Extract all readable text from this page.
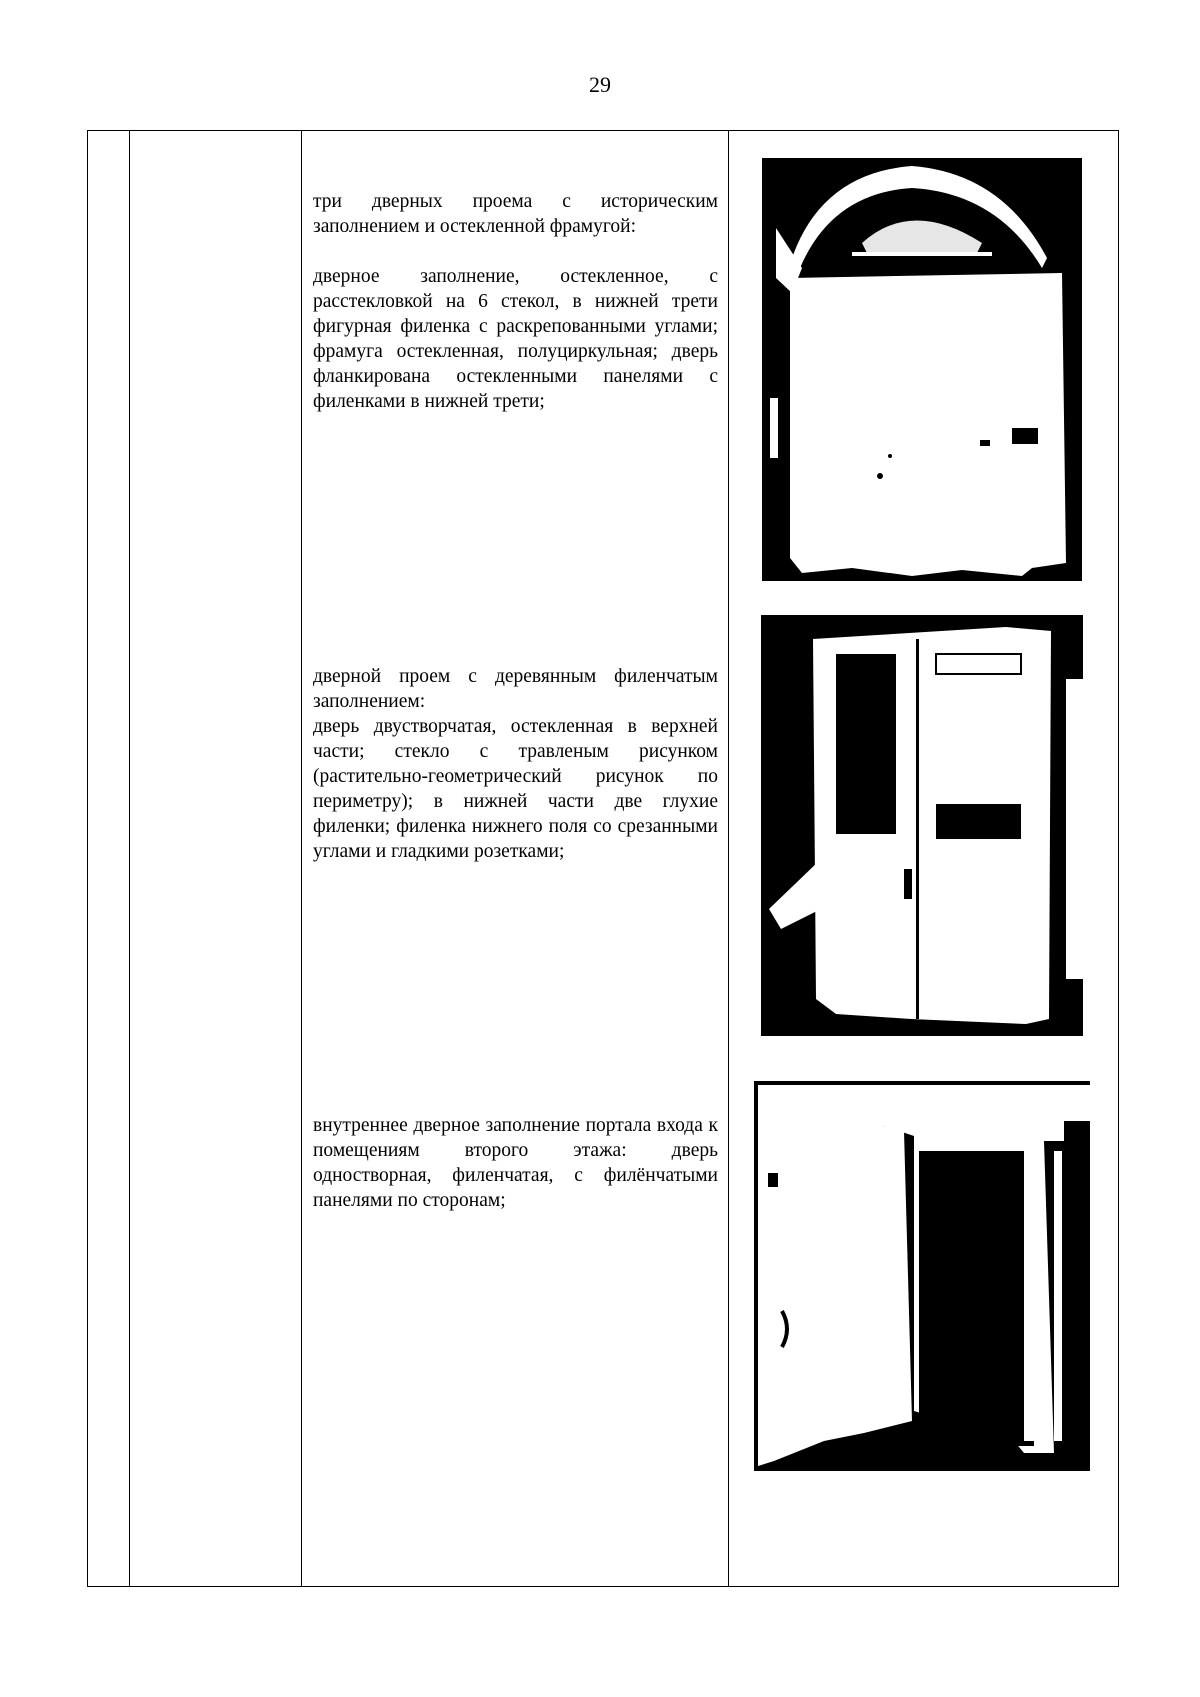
29

три дверных проема с историческим заполнением и остекленной фрамугой:

дверное заполнение, остекленное, с расстекловкой на 6 стекол, в нижней трети фигурная филенка с раскрепованными углами; фрамуга остекленная, полуциркульная; дверь фланкирована остекленными панелями с филенками в нижней трети;

дверной проем с деревянным филенчатым заполнением:

дверь двустворчатая, остекленная в верхней части; стекло с травленым рисунком (растительно-геометрический рисунок по периметру); в нижней части две глухие филенки; филенка нижнего поля со срезанными углами и гладкими розетками;

внутреннее дверное заполнение портала входа к помещениям второго этажа: дверь одностворная, филенчатая, с филёнчатыми панелями по сторонам;
